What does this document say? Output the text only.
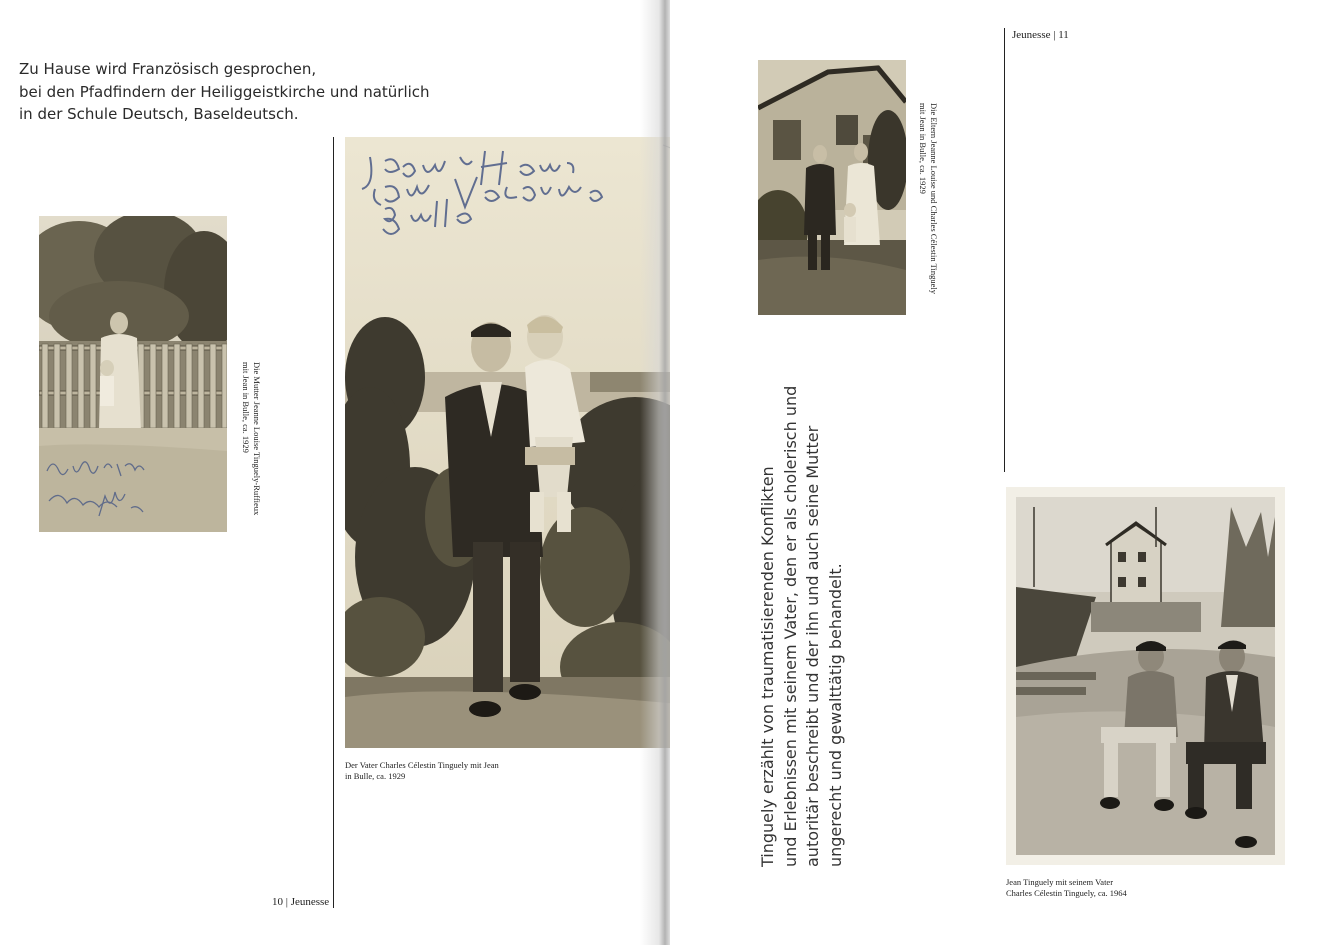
Zu Hause wird Französisch gesprochen,
bei den Pfadfindern der Heiliggeistkirche und natürlich
in der Schule Deutsch, Baseldeutsch.

Die Mutter Jeanne Louise Tinguely-Ruffieux
mit Jean in Bulle, ca. 1929

Der Vater Charles Célestin Tinguely mit Jean
in Bulle, ca. 1929

10 | Jeunesse
Jeunesse | 11
Die Eltern Jeanne Louise und Charles Célestin Tinguely
mit Jean in Bulle, ca. 1929

Jean Tinguely mit seinem Vater
Charles Célestin Tinguely, ca. 1964

Tinguely erzählt von traumatisierenden Konflikten und Erlebnissen mit seinem Vater, den er als cholerisch und autoritär beschreibt und der ihn und auch seine Mutter ungerecht und gewalttätig behandelt.
